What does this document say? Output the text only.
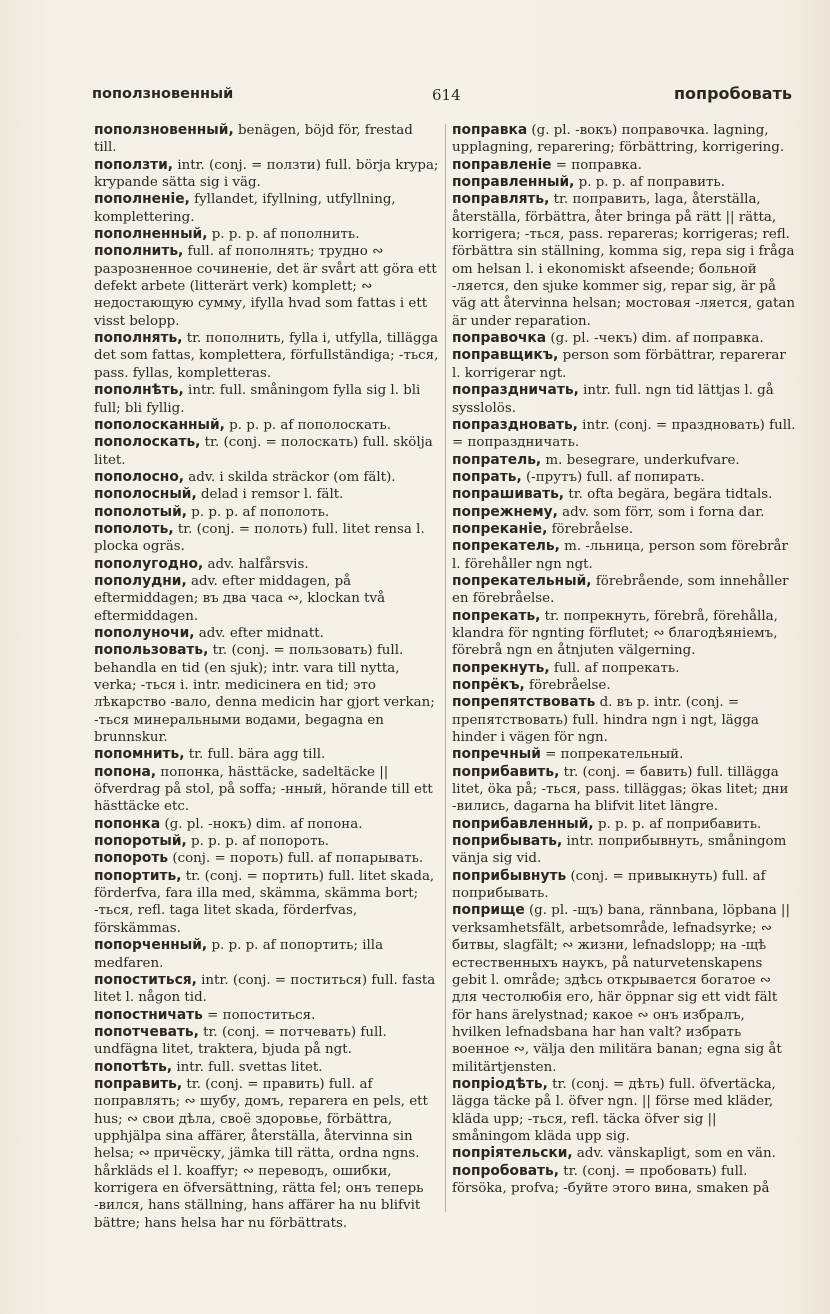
поползновенный	614	попробовать

поползновенный, benägen, böjd för, frestad till.

поползти, intr. (conj. = ползти) full. börja krypa; krypande sätta sig i väg.

пополненіе, fyllandet, ifyllning, utfyllning, komplettering.

пополненный, p. p. p. af пополнить.

пополнить, full. af пополнять; трудно ∾ разрозненное сочиненіе, det är svårt att göra ett defekt arbete (litterärt verk) komplett; ∾ недостающую сумму, ifylla hvad som fattas i ett visst belopp.

пополнять, tr. пополнить, fylla i, utfylla, tillägga det som fattas, komplettera, förfullständiga; -ться, pass. fyllas, kompletteras.

пополнѣть, intr. full. småningom fylla sig l. bli full; bli fyllig.

пополосканный, p. p. p. af пополоскать.

пополоскать, tr. (conj. = полоскать) full. skölja litet.

пополосно, adv. i skilda sträckor (om fält).

пополосный, delad i remsor l. fält.

пополотый, p. p. p. af пополоть.

пополоть, tr. (conj. = полоть) full. litet rensa l. plocka ogräs.

пополугодно, adv. halfårsvis.

пополудни, adv. efter middagen, på eftermiddagen; въ два часа ∾, klockan två eftermiddagen.

пополуночи, adv. efter midnatt.

попользовать, tr. (conj. = пользовать) full. behandla en tid (en sjuk); intr. vara till nytta, verka; -ться i. intr. medicinera en tid; это лѣкарство -вало, denna medicin har gjort verkan; -ться минеральными водами, begagna en brunnskur.

попомнить, tr. full. bära agg till.

попона, попонка, hästtäcke, sadeltäcke || öfverdrag på stol, på soffa; -нный, hörande till ett hästtäcke etc.

попонка (g. pl. -нокъ) dim. af попона.

попоротый, p. p. p. af попороть.

попороть (conj. = пороть) full. af попарывать.

попортить, tr. (conj. = портить) full. litet skada, förderfva, fara illa med, skämma, skämma bort; -ться, refl. taga litet skada, förderfvas, förskämmas.

попорченный, p. p. p. af попортить; illa medfaren.

попоститься, intr. (conj. = поститься) full. fasta litet l. någon tid.

попостничать = попоститься.

попотчевать, tr. (conj. = потчевать) full. undfägna litet, traktera, bjuda på ngt.

попотѣть, intr. full. svettas litet.

поправить, tr. (conj. = править) full. af поправлять; ∾ шубу, домъ, reparera en pels, ett hus; ∾ свои дѣла, своё здоровье, förbättra, upphjälpa sina affärer, återställa, återvinna sin helsa; ∾ причёску, jämka till rätta, ordna ngns. hårkläds el l. koaffyr; ∾ переводъ, ошибки, korrigera en öfversättning, rätta fel; онъ теперь -вился, hans ställning, hans affärer ha nu blifvit bättre; hans helsa har nu förbättrats.

поправка (g. pl. -вокъ) поправочка. lagning, upplagning, reparering; förbättring, korrigering.

поправленіе = поправка.

поправленный, p. p. p. af поправить.

поправлять, tr. поправить, laga, återställa, återställa, förbättra, åter bringa på rätt || rätta, korrigera; -ться, pass. repareras; korrigeras; refl. förbättra sin ställning, komma sig, repa sig i fråga om helsan l. i ekonomiskt afseende; больной -ляется, den sjuke kommer sig, repar sig, är på väg att återvinna helsan; мостовая -ляется, gatan är under reparation.

поправочка (g. pl. -чекъ) dim. af поправка.

поправщикъ, person som förbättrar, reparerar l. korrigerar ngt.

попраздничать, intr. full. ngn tid lättjas l. gå sysslolös.

попраздновать, intr. (conj. = праздновать) full. = попраздничать.

попратель, m. besegrare, underkufvare.

попрать, (-прутъ) full. af попирать.

попрашивать, tr. ofta begära, begära tidtals.

попрежнему, adv. som förr, som i forna dar.

попреканіе, förebråelse.

попрекатель, m. -льница, person som förebrår l. förehåller ngn ngt.

попрекательный, förebrående, som innehåller en förebråelse.

попрекать, tr. попрекнуть, förebrå, förehålla, klandra för ngnting förflutet; ∾ благодѣяніемъ, förebrå ngn en åtnjuten välgerning.

попрекнуть, full. af попрекать.

попрёкъ, förebråelse.

попрепятствовать d. въ p. intr. (conj. = препятствовать) full. hindra ngn i ngt, lägga hinder i vägen för ngn.

попречный = попрекательный.

поприбавить, tr. (conj. = бавить) full. tillägga litet, öka på; -ться, pass. tilläggas; ökas litet; дни -вились, dagarna ha blifvit litet längre.

поприбавленный, p. p. p. af поприбавить.

поприбывать, intr. поприбывнуть, småningom vänja sig vid.

поприбывнуть (conj. = привыкнуть) full. af поприбывать.

поприще (g. pl. -щъ) bana, rännbana, löpbana || verksamhetsfält, arbetsområde, lefnadsyrke; ∾ битвы, slagfält; ∾ жизни, lefnadslopp; на -щѣ естественныхъ наукъ, på naturvetenskapens gebit l. område; здѣсь открывается богатое ∾ для честолюбія его, här öppnar sig ett vidt fält för hans ärelystnad; какое ∾ онъ избралъ, hvilken lefnadsbana har han valt? избрать военное ∾, välja den militära banan; egna sig åt militärtjensten.

попріодѣть, tr. (conj. = дѣть) full. öfvertäcka, lägga täcke på l. öfver ngn. || förse med kläder, kläda upp; -ться, refl. täcka öfver sig || småningom kläda upp sig.

попріятельски, adv. vänskapligt, som en vän.

попробовать, tr. (conj. = пробовать) full. försöka, profva; -буйте этого вина, smaken på
